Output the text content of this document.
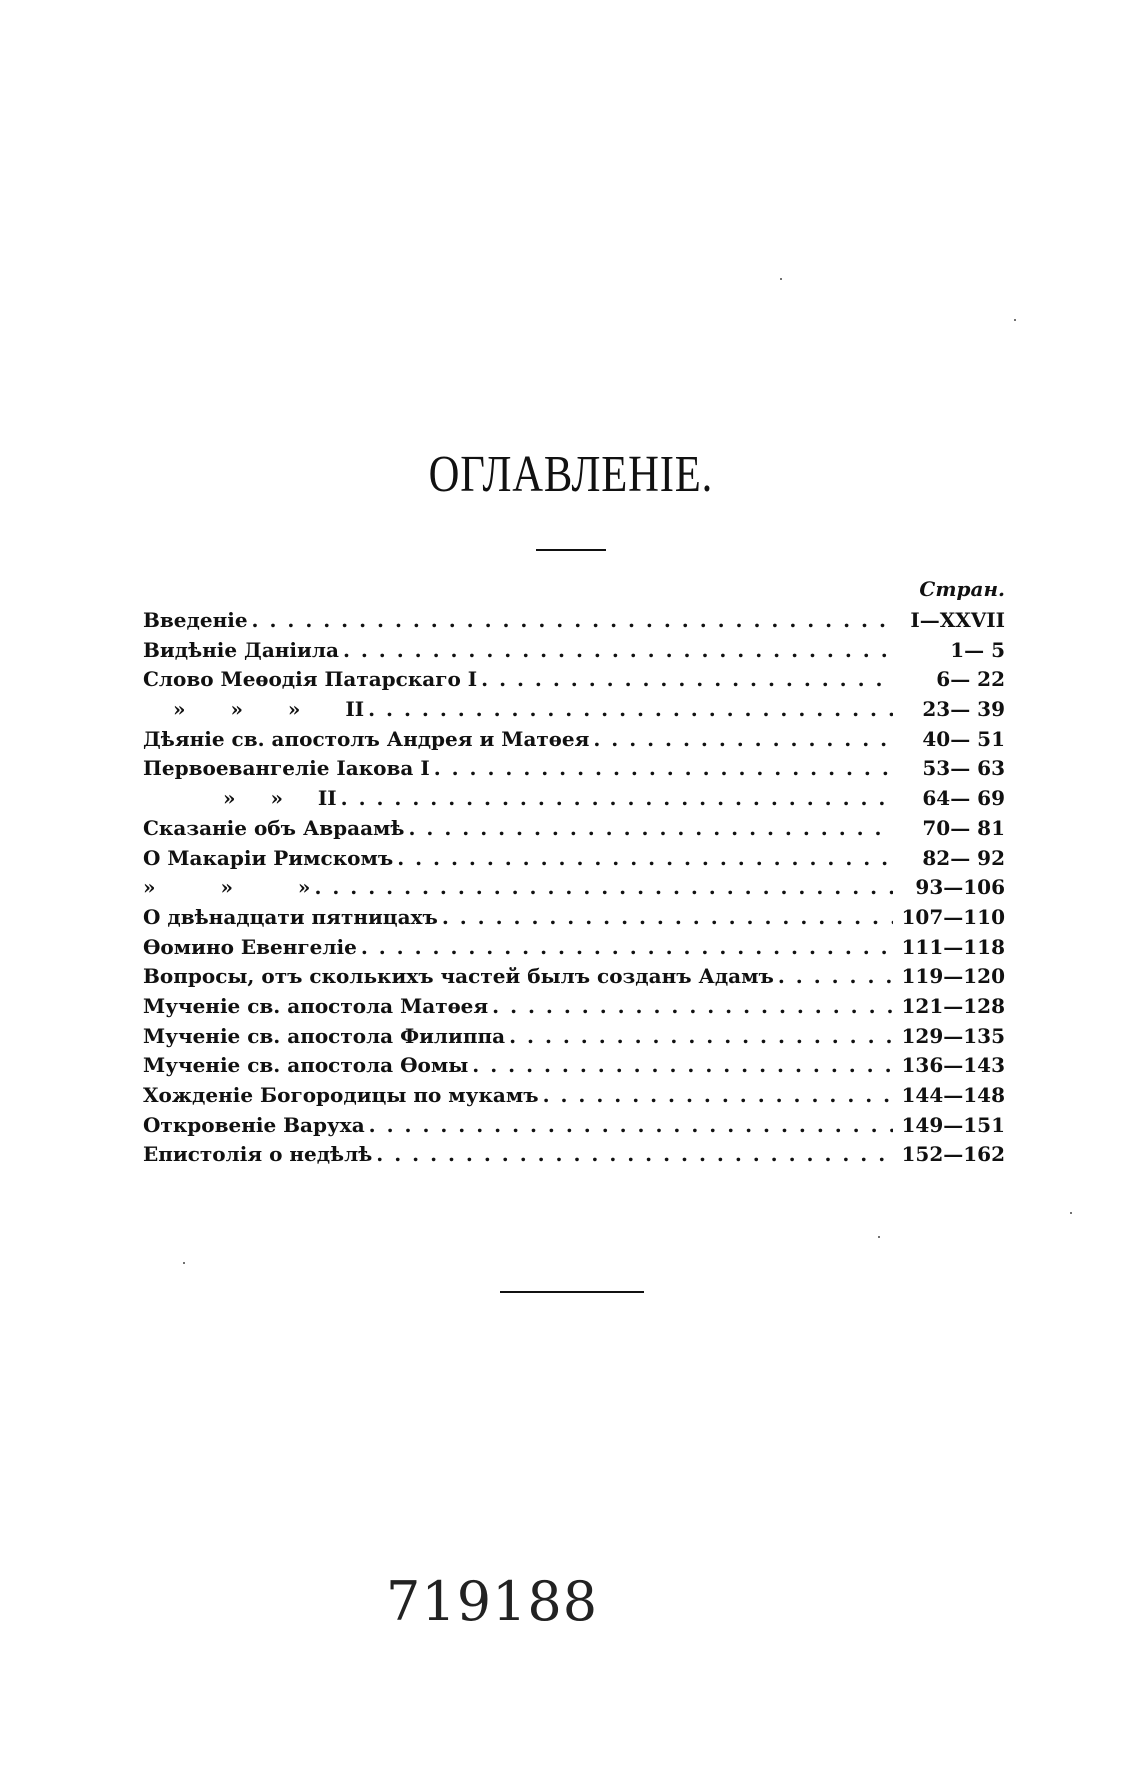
ОГЛАВЛЕНІЕ.
Стран.
Введеніе . . .	I—XXVII
Видѣніе Даніила . . .	1— 5
Слово Меѳодія Патарскаго I . . .	6— 22
» » » II . . .	23— 39
Дѣяніе св. апостолъ Андрея и Матѳея . . .	40— 51
Первоевангеліе Іакова I . . .	53— 63
» » II . . .	64— 69
Сказаніе объ Авраамѣ . . .	70— 81
О Макаріи Римскомъ . . .	82— 92
» » » . . .	93—106
О двѣнадцати пятницахъ . . .	107—110
Ѳомино Евенгеліе . . .	111—118
Вопросы, отъ сколькихъ частей былъ созданъ Адамъ . . .	119—120
Мученіе св. апостола Матѳея . . .	121—128
Мученіе св. апостола Филиппа . . .	129—135
Мученіе св. апостола Ѳомы . . .	136—143
Хожденіе Богородицы по мукамъ . . .	144—148
Откровеніе Варуха . . .	149—151
Епистолія о недѣлѣ . . .	152—162
719188
